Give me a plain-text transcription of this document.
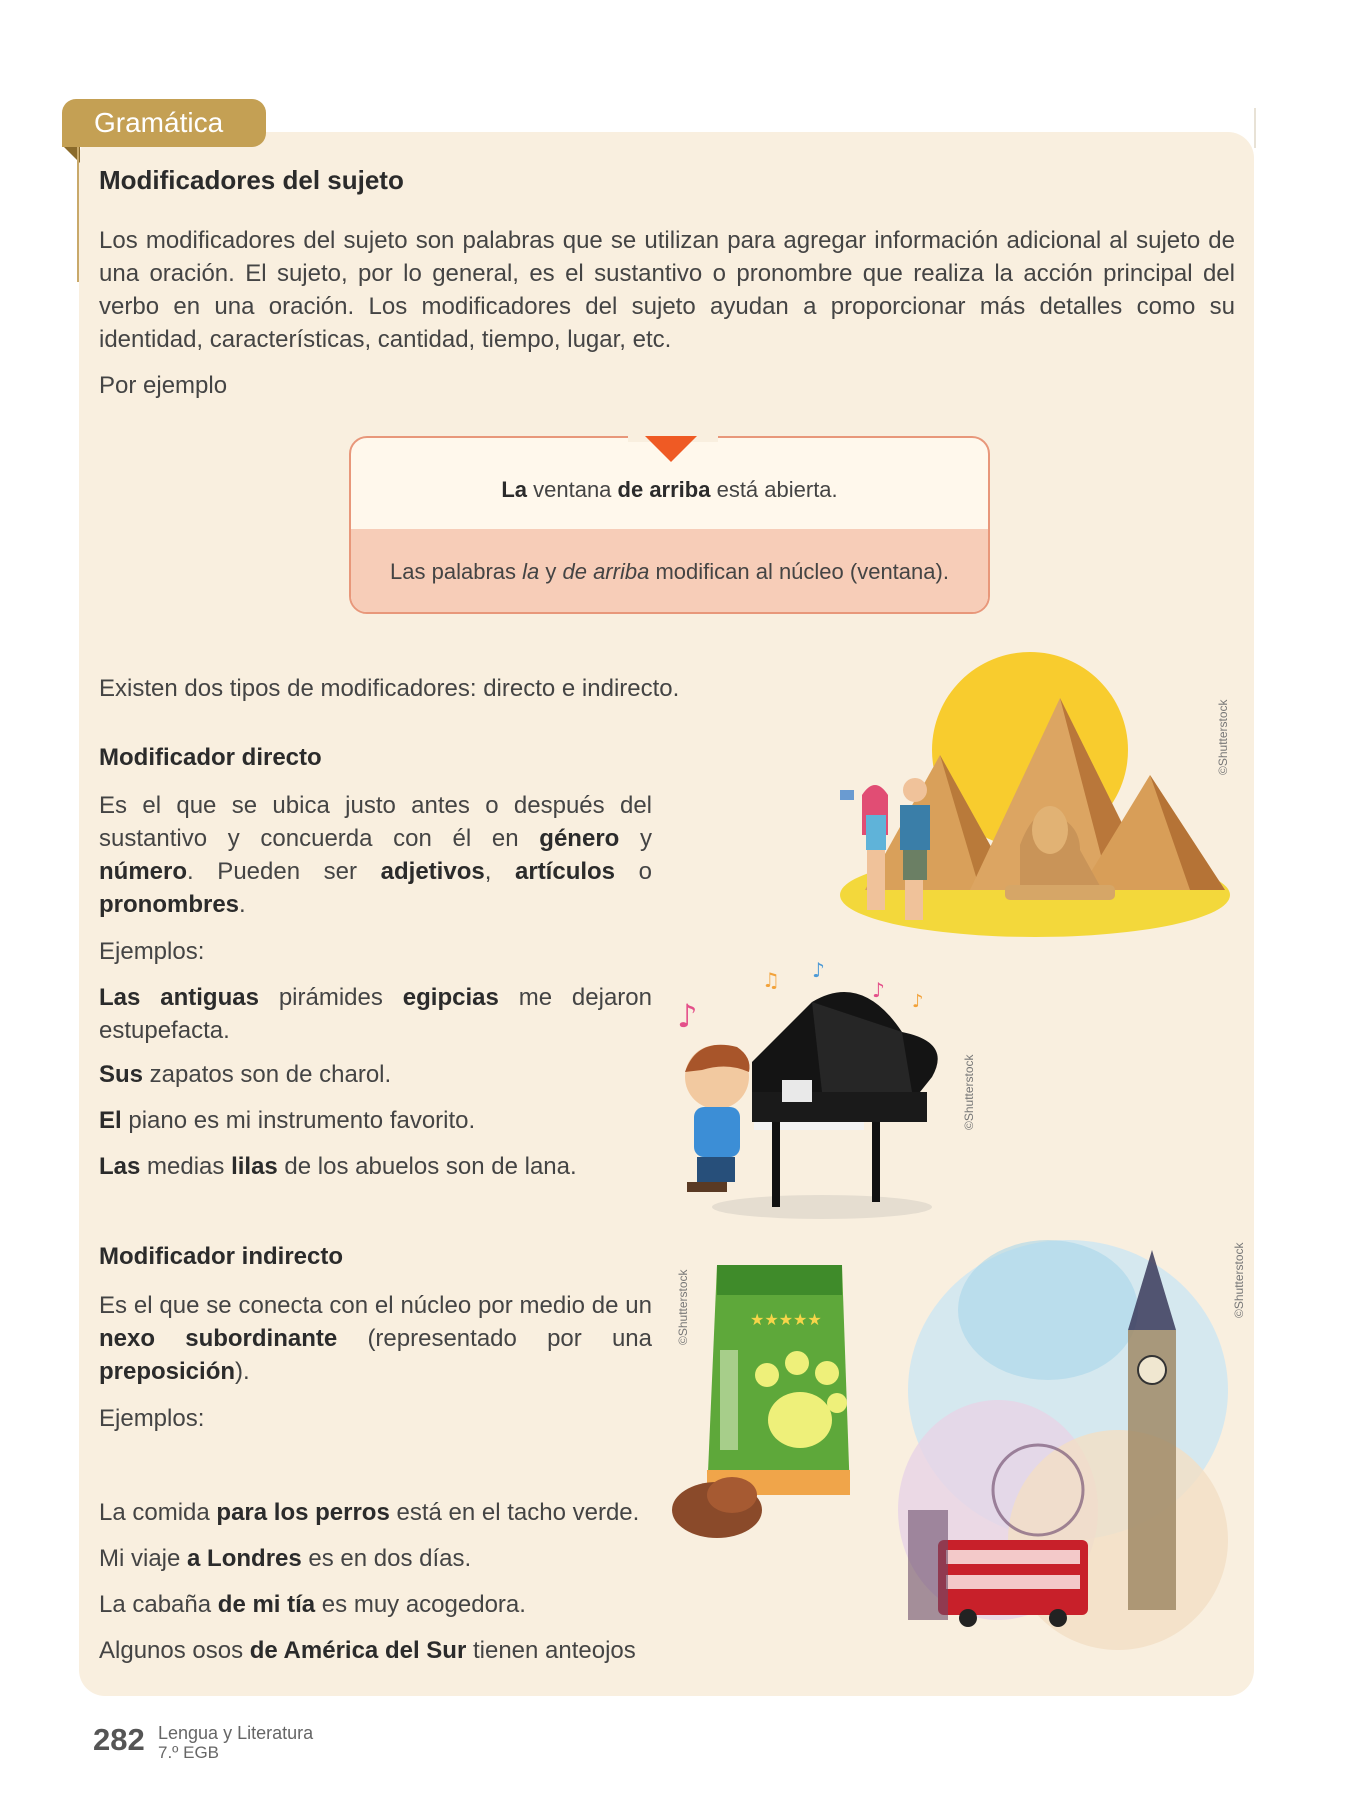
Gramática
Modificadores del sujeto

Los modificadores del sujeto son palabras que se utilizan para agregar información adicional al sujeto de una oración. El sujeto, por lo general, es el sustantivo o pronombre que realiza la acción principal del verbo en una oración. Los modificadores del sujeto ayudan a proporcionar más detalles como su identidad, características, cantidad, tiempo, lugar, etc.

Por ejemplo

La ventana de arriba está abierta.
Las palabras la y de arriba modifican al núcleo (ventana).

Existen dos tipos de modificadores: directo e indirecto.

Modificador directo

Es el que se ubica justo antes o después del sustantivo y concuerda con él en género y número. Pueden ser adjetivos, artículos o pronombres.

Ejemplos:

Las antiguas pirámides egipcias me dejaron estupefacta.

Sus zapatos son de charol.

El piano es mi instrumento favorito.

Las medias lilas de los abuelos son de lana.

Modificador indirecto

Es el que se conecta con el núcleo por medio de un nexo subordinante (representado por una preposición).

Ejemplos:

La comida para los perros está en el tacho verde.

Mi viaje a Londres es en dos días.

La cabaña de mi tía es muy acogedora.

Algunos osos de América del Sur tienen anteojos

©Shutterstock
♪
♫ ♪
♪ ♪
©Shutterstock
★★★★★
©Shutterstock	©Shutterstock
282 Lengua y Literatura
7.º EGB
